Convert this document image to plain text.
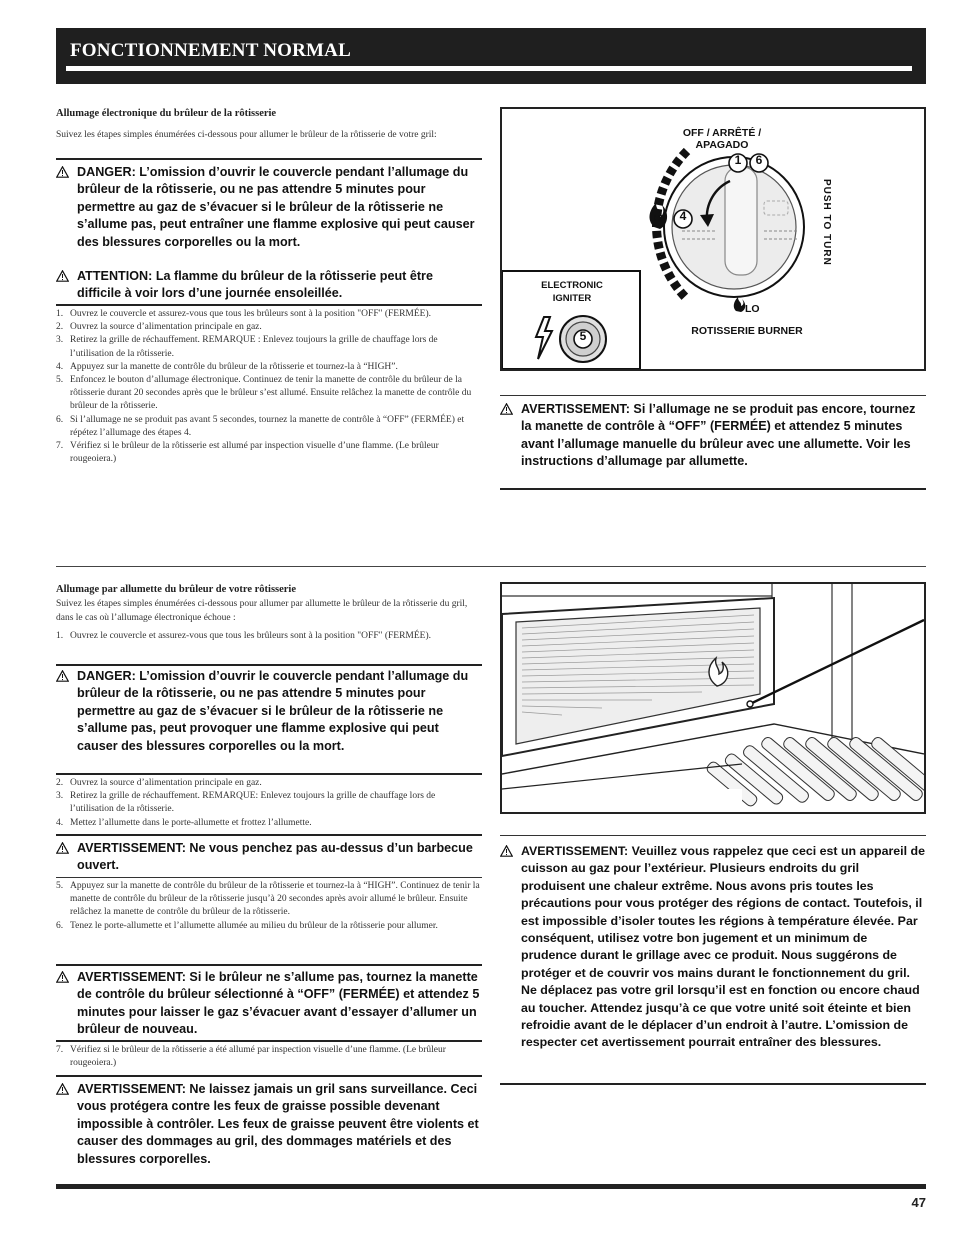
FONCTIONNEMENT NORMAL
Allumage électronique du brûleur de la rôtisserie
Suivez les étapes simples énumérées ci-dessous pour allumer le brûleur de la rôtisserie de votre gril:
DANGER: L’omission d’ouvrir le couvercle pendant l’allumage du brûleur de la rôtisserie, ou ne pas attendre 5 minutes pour permettre au gaz de s’évacuer si le brûleur de la rôtisserie ne s’allume pas, peut entraîner une flamme explosive qui peut causer des blessures corporelles ou la mort.
ATTENTION: La flamme du brûleur de la rôtisserie peut être difficile à voir lors d’une journée ensoleillée.
1. Ouvrez le couvercle et assurez-vous que tous les brûleurs sont à la position "OFF" (FERMÉE).
2. Ouvrez la source d’alimentation principale en gaz.
3. Retirez la grille de réchauffement. REMARQUE : Enlevez toujours la grille de chauffage lors de l’utilisation de la rôtisserie.
4. Appuyez sur la manette de contrôle du brûleur de la rôtisserie et tournez-la à “HIGH”.
5. Enfoncez le bouton d’allumage électronique. Continuez de tenir la manette de contrôle du brûleur de la rôtisserie durant 20 secondes après que le brûleur s’est allumé. Ensuite relâchez la manette de contrôle du brûleur de la rôtisserie.
6. Si l’allumage ne se produit pas avant 5 secondes, tournez la manette de contrôle à “OFF” (FERMÉE) et répétez l’allumage des étapes 4.
7. Vérifiez si le brûleur de la rôtisserie est allumé par inspection visuelle d’une flamme. (Le brûleur rougeoiera.)
OFF / ARRÊTÉ / APAGADO
HI
LO
ROTISSERIE BURNER
ELECTRONIC
IGNITER
PUSH TO TURN
1	6
4
5
AVERTISSEMENT: Si l’allumage ne se produit pas encore, tournez la manette de contrôle à “OFF” (FERMÉE) et attendez 5 minutes avant l’allumage manuelle du brûleur avec une allumette. Voir les instructions d’allumage par allumette.
Allumage par allumette du brûleur de votre rôtisserie
Suivez les étapes simples énumérées ci-dessous pour allumer par allumette le brûleur de la rôtisserie du gril, dans le cas où l’allumage électronique échoue :
1. Ouvrez le couvercle et assurez-vous que tous les brûleurs sont à la position "OFF" (FERMÉE).
DANGER: L’omission d’ouvrir le couvercle pendant l’allumage du brûleur de la rôtisserie, ou ne pas attendre 5 minutes pour permettre au gaz de s’évacuer si le brûleur de la rôtisserie ne s’allume pas, peut provoquer une flamme explosive qui peut causer des blessures corporelles ou la mort.
2. Ouvrez la source d’alimentation principale en gaz.
3. Retirez la grille de réchauffement. REMARQUE: Enlevez toujours la grille de chauffage lors de l’utilisation de la rôtisserie.
4. Mettez l’allumette dans le porte-allumette et frottez l’allumette.
AVERTISSEMENT: Ne vous penchez pas au-dessus d’un barbecue ouvert.
5. Appuyez sur la manette de contrôle du brûleur de la rôtisserie et tournez-la à “HIGH”. Continuez de tenir la manette de contrôle du brûleur de la rôtisserie jusqu’à 20 secondes après avoir allumé le brûleur. Ensuite relâchez la manette de contrôle du brûleur de la rôtisserie.
6. Tenez le porte-allumette et l’allumette allumée au milieu du brûleur de la rôtisserie pour allumer.
AVERTISSEMENT: Si le brûleur ne s’allume pas, tournez la manette de contrôle du brûleur sélectionné à “OFF” (FERMÉE) et attendez 5 minutes pour laisser le gaz s’évacuer avant d’essayer d’allumer un brûleur de nouveau.
7. Vérifiez si le brûleur de la rôtisserie a été allumé par inspection visuelle d’une flamme. (Le brûleur rougeoiera.)
AVERTISSEMENT: Ne laissez jamais un gril sans surveillance. Ceci vous protégera contre les feux de graisse possible devenant impossible à contrôler. Les feux de graisse peuvent être violents et causer des dommages au gril, des dommages matériels et des blessures corporelles.
AVERTISSEMENT: Veuillez vous rappelez que ceci est un appareil de cuisson au gaz pour l’extérieur. Plusieurs endroits du gril produisent une chaleur extrême. Nous avons pris toutes les précautions pour vous protéger des régions de contact. Toutefois, il est impossible d’isoler toutes les régions à température élevée. Par conséquent, utilisez votre bon jugement et un minimum de prudence durant le grillage avec ce produit. Nous suggérons de protéger et de couvrir vos mains durant le fonctionnement du gril. Ne déplacez pas votre gril lorsqu’il est en fonction ou encore chaud au toucher. Attendez jusqu’à ce que votre unité soit éteinte et bien refroidie avant de le déplacer d’un endroit à l’autre. L’omission de respecter cet avertissement pourrait entraîner des blessures.
47
